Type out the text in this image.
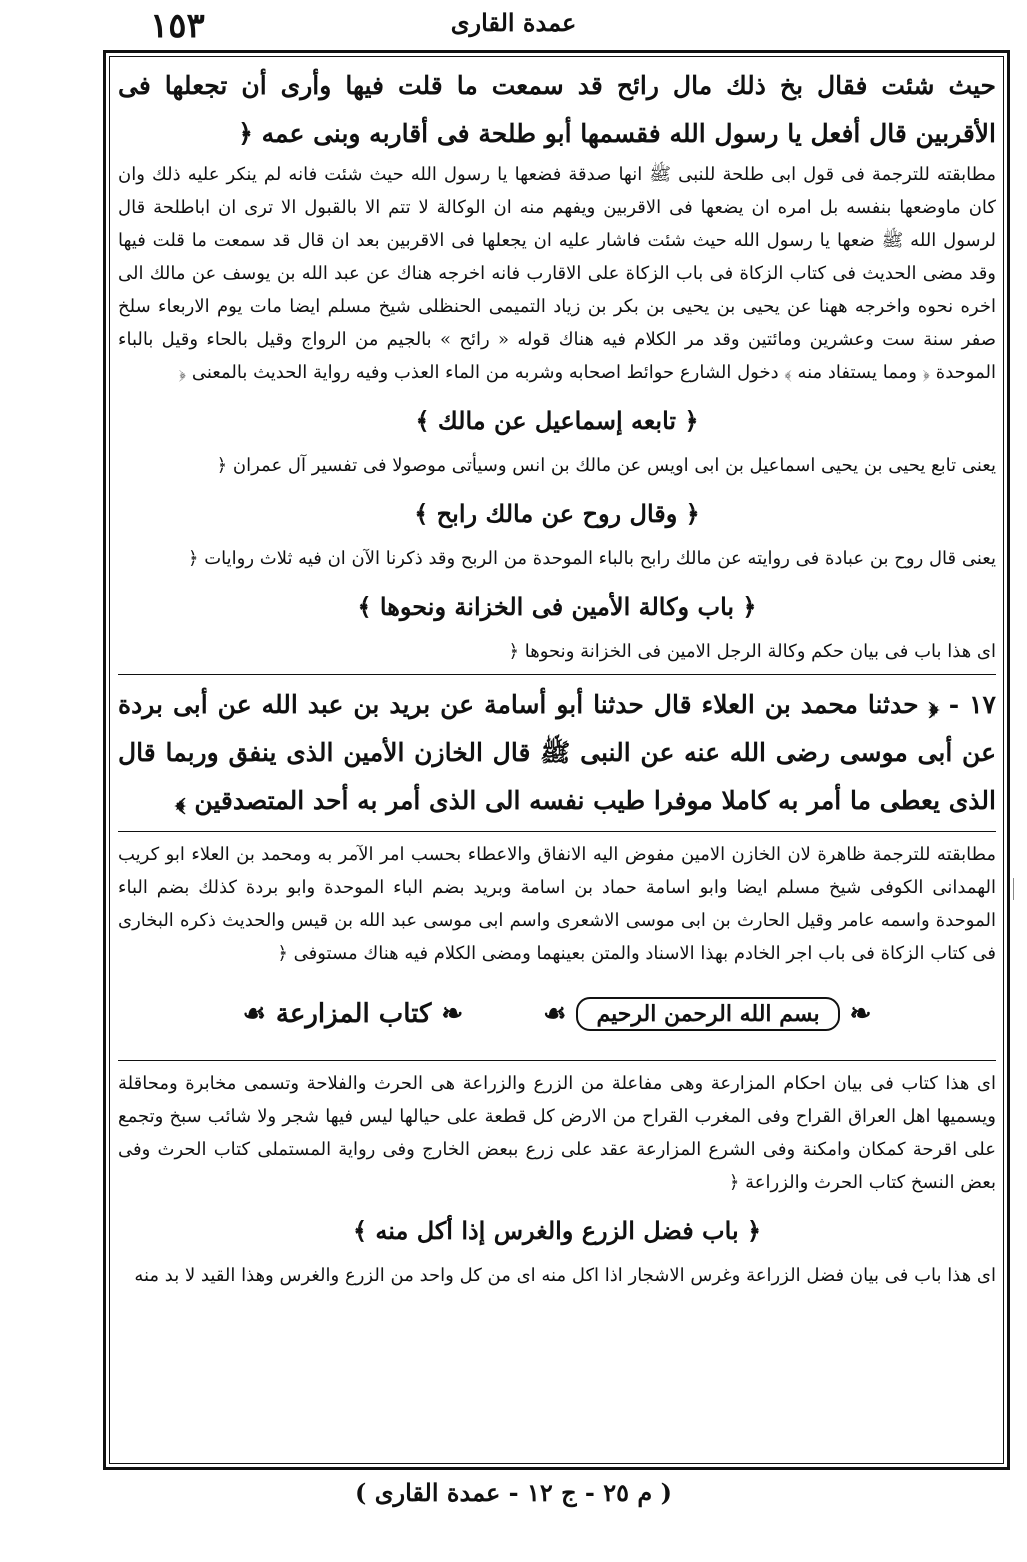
١٥٣	عمدة القاری

حيث شئت فقال بخ ذلك مال رائح قد سمعت ما قلت فيها وأرى أن تجعلها فى الأقربين قال أفعل يا رسول الله فقسمها أبو طلحة فى أقاربه وبنى عمه ﴿

مطابقته للترجمة فى قول ابى طلحة للنبى ﷺ انها صدقة فضعها يا رسول الله حيث شئت فانه لم ينكر عليه ذلك وان كان ماوضعها بنفسه بل امره ان يضعها فى الاقربين ويفهم منه ان الوكالة لا تتم الا بالقبول الا ترى ان اباطلحة قال لرسول الله ﷺ ضعها يا رسول الله حيث شئت فاشار عليه ان يجعلها فى الاقربين بعد ان قال قد سمعت ما قلت فيها وقد مضى الحديث فى كتاب الزكاة فى باب الزكاة على الاقارب فانه اخرجه هناك عن عبد الله بن يوسف عن مالك الى اخره نحوه واخرجه ههنا عن يحيى بن يحيى بن بكر بن زياد التميمى الحنظلى شيخ مسلم ايضا مات يوم الاربعاء سلخ صفر سنة ست وعشرين ومائتين وقد مر الكلام فيه هناك قوله « رائح » بالجيم من الرواج وقيل بالحاء وقيل بالباء الموحدة ﴿ ومما يستفاد منه ﴾ دخول الشارع حوائط اصحابه وشربه من الماء العذب وفيه رواية الحديث بالمعنى ﴿

﴿ تابعه إسماعيل عن مالك ﴾

يعنى تابع يحيى بن يحيى اسماعيل بن ابى اويس عن مالك بن انس وسيأتى موصولا فى تفسير آل عمران ﴿

﴿ وقال روح عن مالك رابح ﴾

يعنى قال روح بن عبادة فى روايته عن مالك رابح بالباء الموحدة من الربح وقد ذكرنا الآن ان فيه ثلاث روايات ﴿

﴿ باب وكالة الأمين فى الخزانة ونحوها ﴾

اى هذا باب فى بيان حكم وكالة الرجل الامين فى الخزانة ونحوها ﴿

١٧ - ﴿ حدثنا محمد بن العلاء قال حدثنا أبو أسامة عن بريد بن عبد الله عن أبى بردة عن أبى موسى رضى الله عنه عن النبى ﷺ قال الخازن الأمين الذى ينفق وربما قال الذى يعطى ما أمر به كاملا موفرا طيب نفسه الى الذى أمر به أحد المتصدقين ﴾

مطابقته للترجمة ظاهرة لان الخازن الامين مفوض اليه الانفاق والاعطاء بحسب امر الآمر به ومحمد بن العلاء ابو كريب الهمدانى الكوفى شيخ مسلم ايضا وابو اسامة حماد بن اسامة وبريد بضم الباء الموحدة وابو بردة كذلك بضم الباء الموحدة واسمه عامر وقيل الحارث بن ابى موسى الاشعرى واسم ابى موسى عبد الله بن قيس والحديث ذكره البخارى فى كتاب الزكاة فى باب اجر الخادم بهذا الاسناد والمتن بعينهما ومضى الكلام فيه هناك مستوفى ﴿

❧
بسم الله الرحمن الرحيم
☙
❧
كتاب المزارعة
☙

اى هذا كتاب فى بيان احكام المزارعة وهى مفاعلة من الزرع والزراعة هى الحرث والفلاحة وتسمى مخابرة ومحاقلة ويسميها اهل العراق القراح وفى المغرب القراح من الارض كل قطعة على حيالها ليس فيها شجر ولا شائب سبخ وتجمع على اقرحة كمكان وامكنة وفى الشرع المزارعة عقد على زرع ببعض الخارج وفى رواية المستملى كتاب الحرث وفى بعض النسخ كتاب الحرث والزراعة ﴿

﴿ باب فضل الزرع والغرس إذا أكل منه ﴾

اى هذا باب فى بيان فضل الزراعة وغرس الاشجار اذا اكل منه اى من كل واحد من الزرع والغرس وهذا القيد لا بد منه

( م ٢٥ - ج ١٢ - عمدة القارى )
